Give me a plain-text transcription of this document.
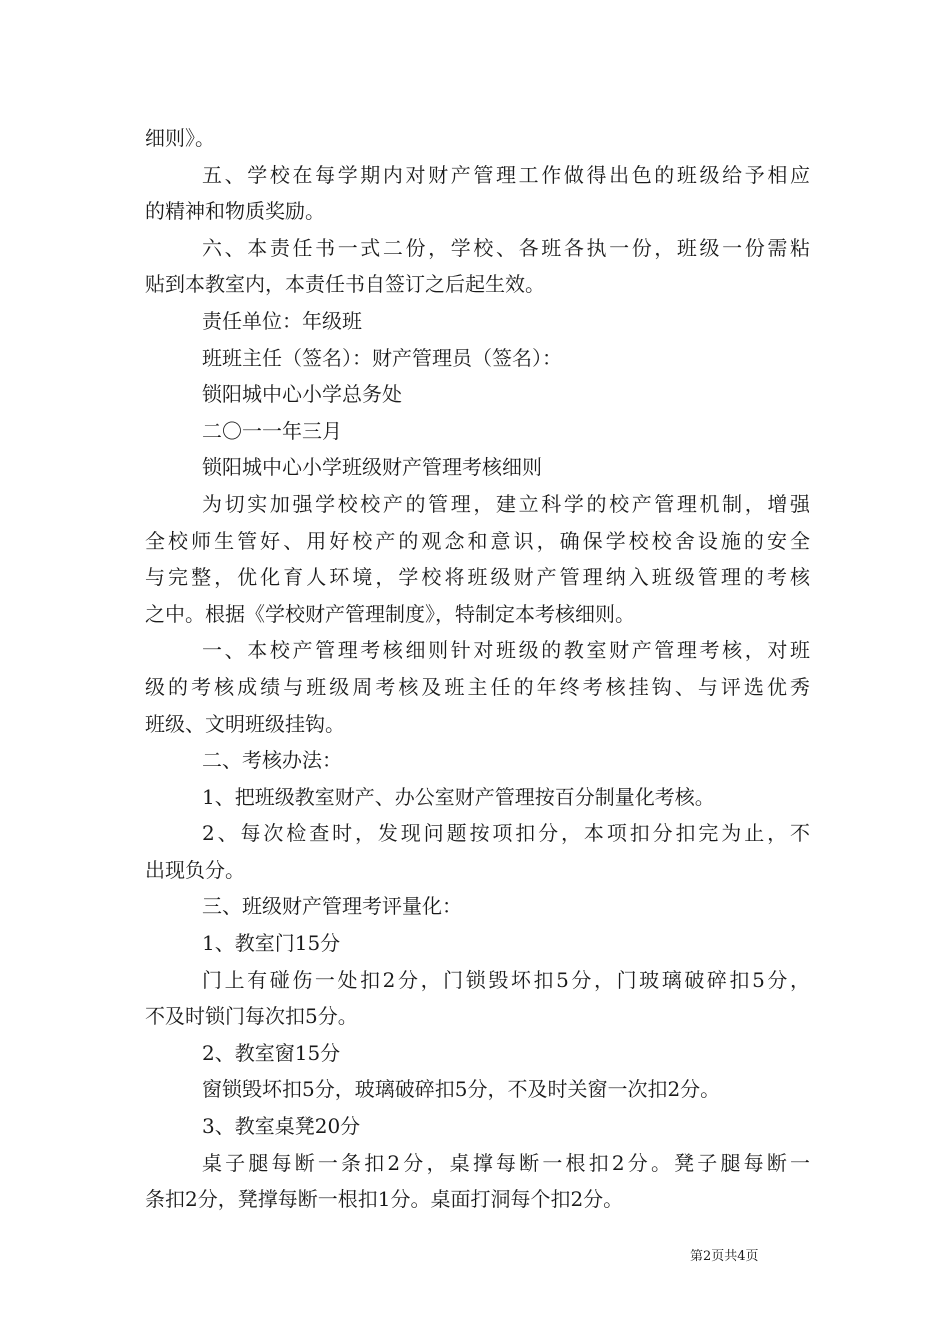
细则》。
五、学校在每学期内对财产管理工作做得出色的班级给予相应
的精神和物质奖励。
六、本责任书一式二份，学校、各班各执一份，班级一份需粘
贴到本教室内，本责任书自签订之后起生效。
责任单位：年级班
班班主任（签名）：财产管理员（签名）：
锁阳城中心小学总务处
二〇一一年三月
锁阳城中心小学班级财产管理考核细则
为切实加强学校校产的管理，建立科学的校产管理机制，增强
全校师生管好、用好校产的观念和意识，确保学校校舍设施的安全
与完整，优化育人环境，学校将班级财产管理纳入班级管理的考核
之中。根据《学校财产管理制度》，特制定本考核细则。
一、本校产管理考核细则针对班级的教室财产管理考核，对班
级的考核成绩与班级周考核及班主任的年终考核挂钩、与评选优秀
班级、文明班级挂钩。
二、考核办法：
1、把班级教室财产、办公室财产管理按百分制量化考核。
2、每次检查时，发现问题按项扣分，本项扣分扣完为止，不
出现负分。
三、班级财产管理考评量化：
1、教室门15分
门上有碰伤一处扣2分，门锁毁坏扣5分，门玻璃破碎扣5分，
不及时锁门每次扣5分。
2、教室窗15分
窗锁毁坏扣5分，玻璃破碎扣5分，不及时关窗一次扣2分。
3、教室桌凳20分
桌子腿每断一条扣2分，桌撑每断一根扣2分。凳子腿每断一
条扣2分，凳撑每断一根扣1分。桌面打洞每个扣2分。
第2页共4页
